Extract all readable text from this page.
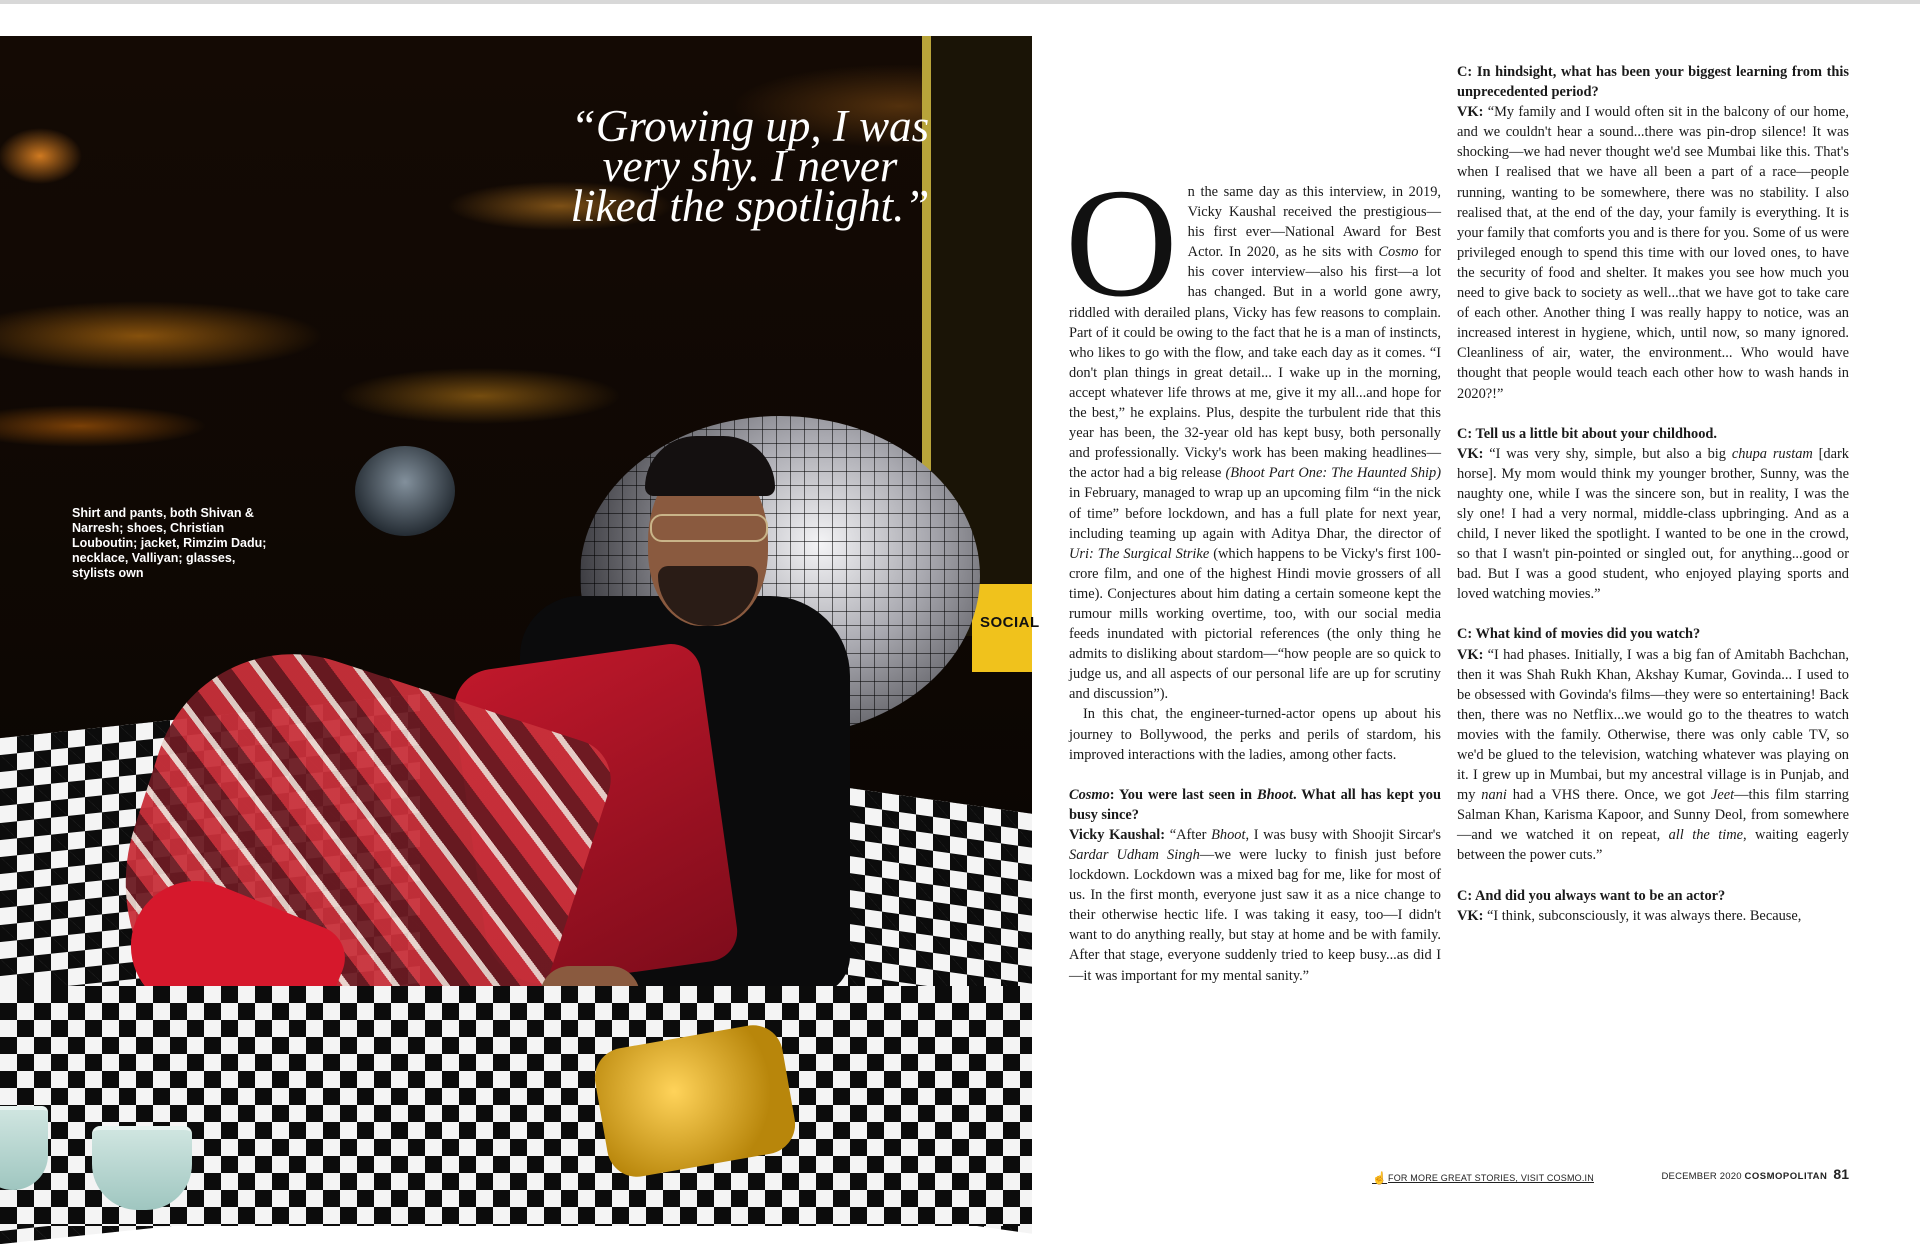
SOCIAL

“Growing up, I was very shy. I never liked the spotlight.”

Shirt and pants, both Shivan & Narresh; shoes, Christian Louboutin; jacket, Rimzim Dadu; necklace, Valliyan; glasses, stylists own

On the same day as this interview, in 2019, Vicky Kaushal received the prestigious—his first ever—National Award for Best Actor. In 2020, as he sits with Cosmo for his cover interview—also his first—a lot has changed. But in a world gone awry, riddled with derailed plans, Vicky has few reasons to complain. Part of it could be owing to the fact that he is a man of instincts, who likes to go with the flow, and take each day as it comes. “I don't plan things in great detail... I wake up in the morning, accept whatever life throws at me, give it my all...and hope for the best,” he explains. Plus, despite the turbulent ride that this year has been, the 32-year old has kept busy, both personally and professionally. Vicky's work has been making headlines—the actor had a big release (Bhoot Part One: The Haunted Ship) in February, managed to wrap up an upcoming film “in the nick of time” before lockdown, and has a full plate for next year, including teaming up again with Aditya Dhar, the director of Uri: The Surgical Strike (which happens to be Vicky's first 100-crore film, and one of the highest Hindi movie grossers of all time). Conjectures about him dating a certain someone kept the rumour mills working overtime, too, with our social media feeds inundated with pictorial references (the only thing he admits to disliking about stardom—“how people are so quick to judge us, and all aspects of our personal life are up for scrutiny and discussion”).

In this chat, the engineer-turned-actor opens up about his journey to Bollywood, the perks and perils of stardom, his improved interactions with the ladies, among other facts.

Cosmo: You were last seen in Bhoot. What all has kept you busy since?

Vicky Kaushal: “After Bhoot, I was busy with Shoojit Sircar's Sardar Udham Singh—we were lucky to finish just before lockdown. Lockdown was a mixed bag for me, like for most of us. In the first month, everyone just saw it as a nice change to their otherwise hectic life. I was taking it easy, too—I didn't want to do anything really, but stay at home and be with family. After that stage, everyone suddenly tried to keep busy...as did I—it was important for my mental sanity.”

C: In hindsight, what has been your biggest learning from this unprecedented period?

VK: “My family and I would often sit in the balcony of our home, and we couldn't hear a sound...there was pin-drop silence! It was shocking—we had never thought we'd see Mumbai like this. That's when I realised that we have all been a part of a race—people running, wanting to be somewhere, there was no stability. I also realised that, at the end of the day, your family is everything. It is your family that comforts you and is there for you. Some of us were privileged enough to spend this time with our loved ones, to have the security of food and shelter. It makes you see how much you need to give back to society as well...that we have got to take care of each other. Another thing I was really happy to notice, was an increased interest in hygiene, which, until now, so many ignored. Cleanliness of air, water, the environment... Who would have thought that people would teach each other how to wash hands in 2020?!”

C: Tell us a little bit about your childhood.

VK: “I was very shy, simple, but also a big chupa rustam [dark horse]. My mom would think my younger brother, Sunny, was the naughty one, while I was the sincere son, but in reality, I was the sly one! I had a very normal, middle-class upbringing. And as a child, I never liked the spotlight. I wanted to be one in the crowd, so that I wasn't pin-pointed or singled out, for anything...good or bad. But I was a good student, who enjoyed playing sports and loved watching movies.”

C: What kind of movies did you watch?

VK: “I had phases. Initially, I was a big fan of Amitabh Bachchan, then it was Shah Rukh Khan, Akshay Kumar, Govinda... I used to be obsessed with Govinda's films—they were so entertaining! Back then, there was no Netflix...we would go to the theatres to watch movies with the family. Otherwise, there was only cable TV, so we'd be glued to the television, watching whatever was playing on it. I grew up in Mumbai, but my ancestral village is in Punjab, and my nani had a VHS there. Once, we got Jeet—this film starring Salman Khan, Karisma Kapoor, and Sunny Deol, from somewhere—and we watched it on repeat, all the time, waiting eagerly between the power cuts.”

C: And did you always want to be an actor?

VK: “I think, subconsciously, it was always there. Because,

☝ FOR MORE GREAT STORIES, VISIT COSMO.IN	DECEMBER 2020 COSMOPOLITAN 81
